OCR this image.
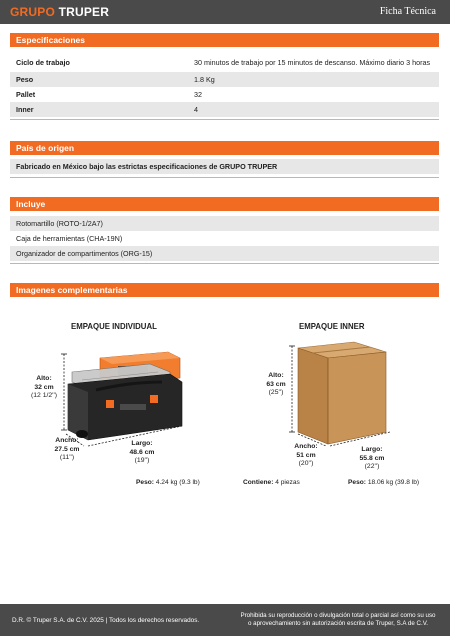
GRUPO TRUPER	Ficha Técnica
Especificaciones
Ciclo de trabajo	30 minutos de trabajo por 15 minutos de descanso. Máximo diario 3 horas
Peso	1.8 Kg
Pallet	32
Inner	4
País de origen
Fabricado en México bajo las estrictas especificaciones de GRUPO TRUPER
Incluye
Rotomartillo (ROTO-1/2A7)
Caja de herramientas (CHA-19N)
Organizador de compartimentos (ORG-15)
Imagenes complementarias
EMPAQUE INDIVIDUAL
Alto:
32 cm
(12 1/2'')
Ancho:
27.5 cm
(11'')
Largo:
48.6 cm
(19'')
Peso: 4.24 kg (9.3 lb)
EMPAQUE INNER
Alto:
63 cm
(25'')
Ancho:
51 cm
(20'')
Largo:
55.8 cm
(22'')
Contiene: 4 piezas	Peso: 18.06 kg (39.8 lb)
D.R. © Truper S.A. de C.V. 2025 | Todos los derechos reservados.
Prohibida su reproducción o divulgación total o parcial así como su uso o aprovechamiento sin autorización escrita de Truper, S.A de C.V.
